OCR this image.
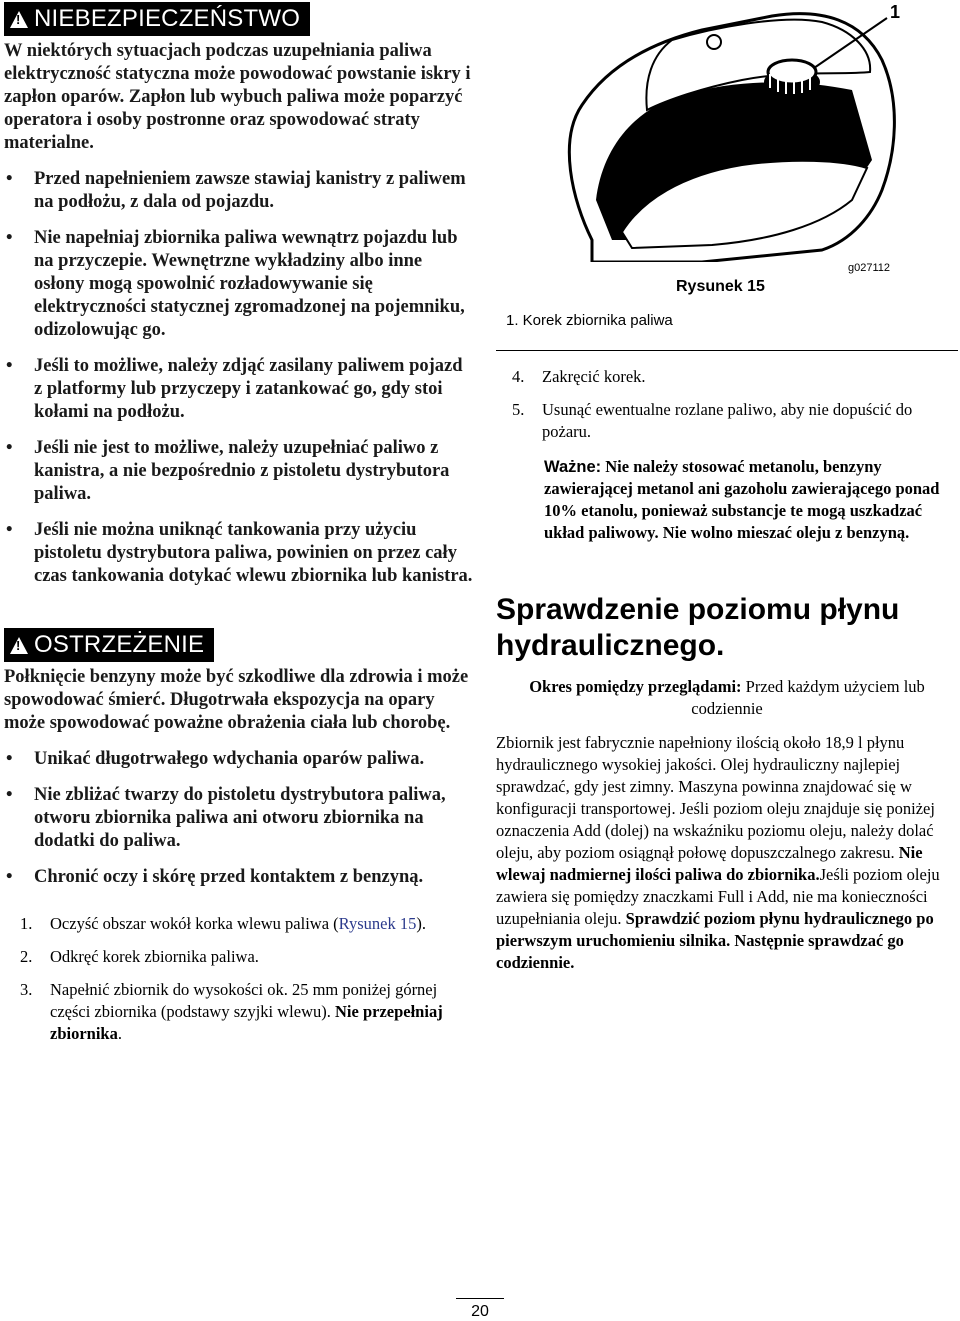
!NIEBEZPIECZEŃSTWO

W niektórych sytuacjach podczas uzupełniania paliwa elektryczność statyczna może powodować powstanie iskry i zapłon oparów. Zapłon lub wybuch paliwa może poparzyć operatora i osoby postronne oraz spowodować straty materialne.

• Przed napełnieniem zawsze stawiaj kanistry z paliwem na podłożu, z dala od pojazdu.
• Nie napełniaj zbiornika paliwa wewnątrz pojazdu lub na przyczepie. Wewnętrzne wykładziny albo inne osłony mogą spowolnić rozładowywanie się elektryczności statycznej zgromadzonej na pojemniku, odizolowując go.
• Jeśli to możliwe, należy zdjąć zasilany paliwem pojazd z platformy lub przyczepy i zatankować go, gdy stoi kołami na podłożu.
• Jeśli nie jest to możliwe, należy uzupełniać paliwo z kanistra, a nie bezpośrednio z pistoletu dystrybutora paliwa.
• Jeśli nie można uniknąć tankowania przy użyciu pistoletu dystrybutora paliwa, powinien on przez cały czas tankowania dotykać wlewu zbiornika lub kanistra.
!OSTRZEŻENIE

Połknięcie benzyny może być szkodliwe dla zdrowia i może spowodować śmierć. Długotrwała ekspozycja na opary może spowodować poważne obrażenia ciała lub chorobę.

• Unikać długotrwałego wdychania oparów paliwa.
• Nie zbliżać twarzy do pistoletu dystrybutora paliwa, otworu zbiornika paliwa ani otworu zbiornika na dodatki do paliwa.
• Chronić oczy i skórę przed kontaktem z benzyną.
1. Oczyść obszar wokół korka wlewu paliwa (Rysunek 15).
2. Odkręć korek zbiornika paliwa.
3. Napełnić zbiornik do wysokości ok. 25 mm poniżej górnej części zbiornika (podstawy szyjki wlewu). Nie przepełniaj zbiornika.
1
g027112
Rysunek 15
1. Korek zbiornika paliwa
4. Zakręcić korek.
5. Usunąć ewentualne rozlane paliwo, aby nie dopuścić do pożaru.
Ważne: Nie należy stosować metanolu, benzyny zawierającej metanol ani gazoholu zawierającego ponad 10% etanolu, ponieważ substancje te mogą uszkadzać układ paliwowy. Nie wolno mieszać oleju z benzyną.
Sprawdzenie poziomu płynu hydraulicznego.
Okres pomiędzy przeglądami: Przed każdym użyciem lub codziennie
Zbiornik jest fabrycznie napełniony ilością około 18,9 l płynu hydraulicznego wysokiej jakości. Olej hydrauliczny najlepiej sprawdzać, gdy jest zimny. Maszyna powinna znajdować się w konfiguracji transportowej. Jeśli poziom oleju znajduje się poniżej oznaczenia Add (dolej) na wskaźniku poziomu oleju, należy dolać oleju, aby poziom osiągnął połowę dopuszczalnego zakresu. Nie wlewaj nadmiernej ilości paliwa do zbiornika.Jeśli poziom oleju zawiera się pomiędzy znaczkami Full i Add, nie ma konieczności uzupełniania oleju. Sprawdzić poziom płynu hydraulicznego po pierwszym uruchomieniu silnika. Następnie sprawdzać go codziennie.
20
